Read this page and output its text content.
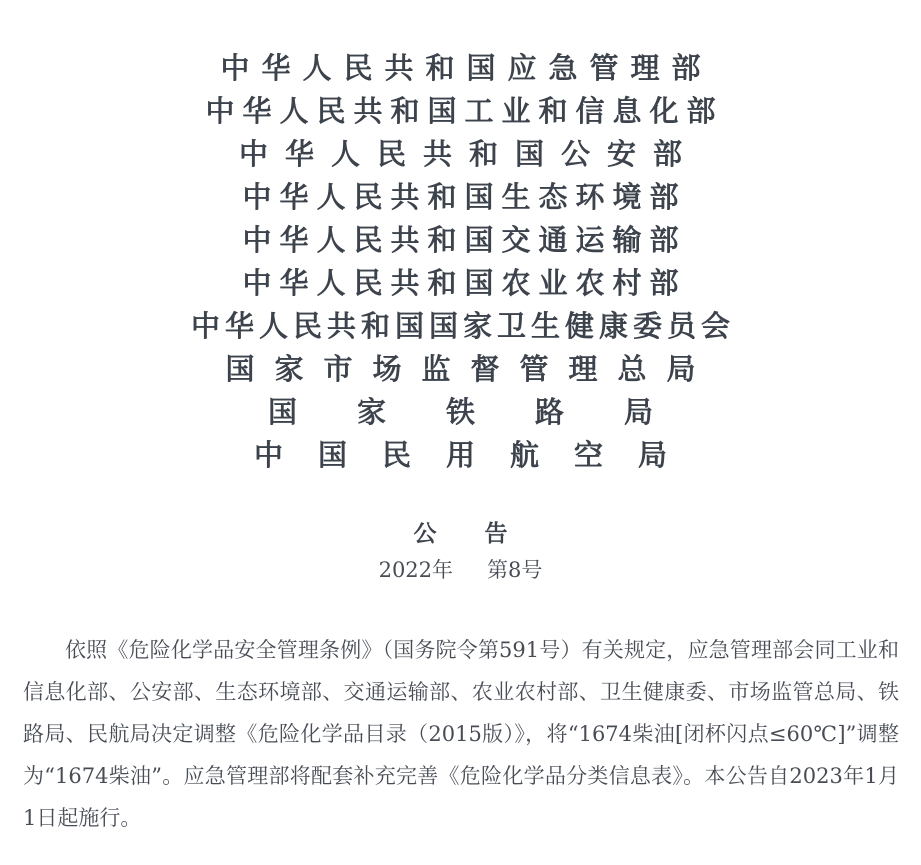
中华人民共和国应急管理部
中华人民共和国工业和信息化部
中华人民共和国公安部
中华人民共和国生态环境部
中华人民共和国交通运输部
中华人民共和国农业农村部
中华人民共和国国家卫生健康委员会
国家市场监督管理总局
国家铁路局
中国民用航空局
公告
2022年 第8号

依照《危险化学品安全管理条例》（国务院令第591号）有关规定，应急管理部会同工业和信息化部、公安部、生态环境部、交通运输部、农业农村部、卫生健康委、市场监管总局、铁路局、民航局决定调整《危险化学品目录（2015版）》，将“1674柴油[闭杯闪点≤60℃]”调整为“1674柴油”。应急管理部将配套补充完善《危险化学品分类信息表》。本公告自2023年1月1日起施行。
